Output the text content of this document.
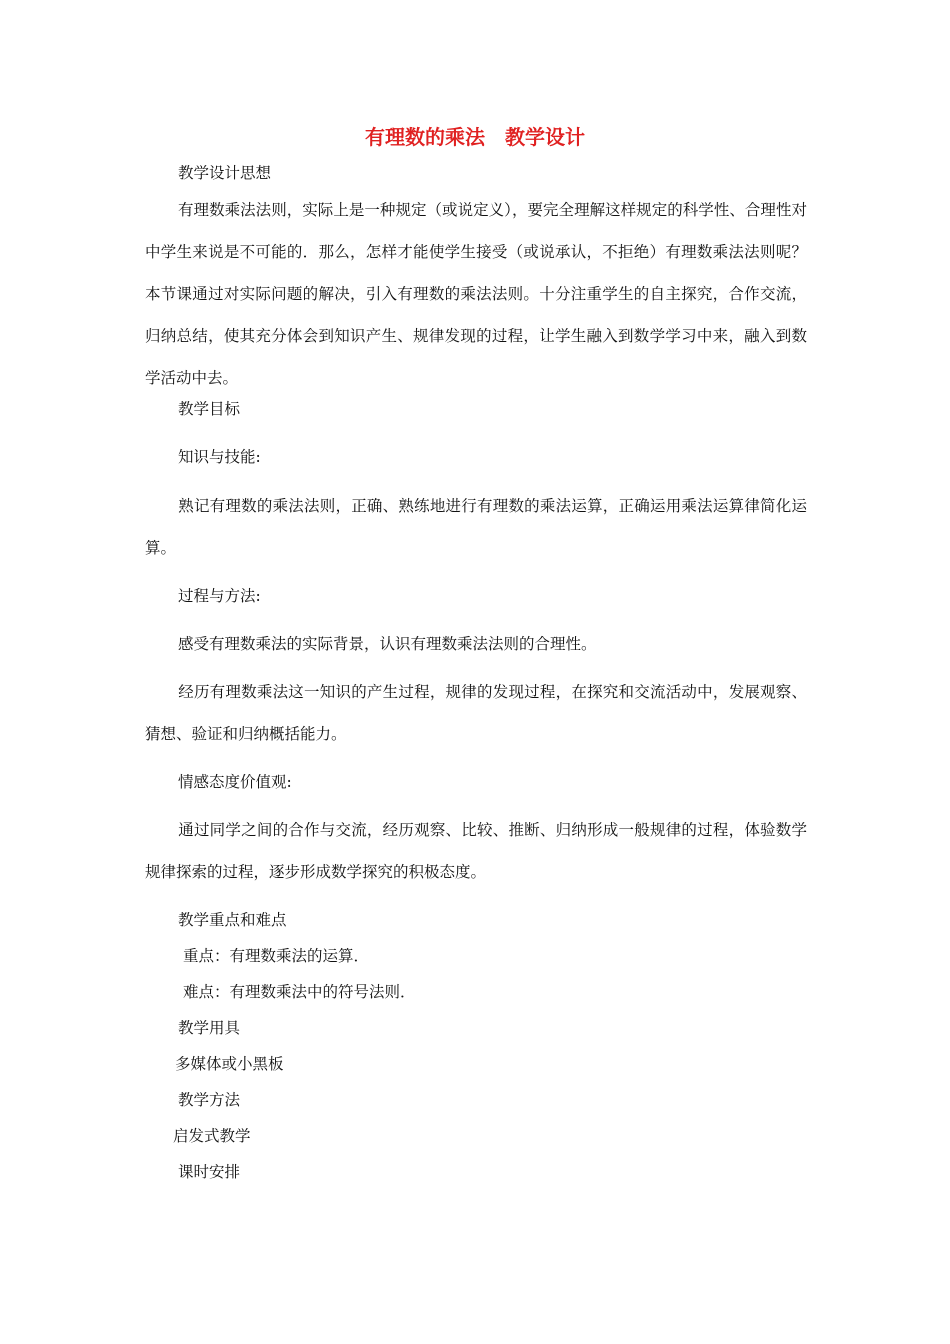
有理数的乘法　教学设计
教学设计思想
有理数乘法法则，实际上是一种规定（或说定义），要完全理解这样规定的科学性、合理性对中学生来说是不可能的．那么，怎样才能使学生接受（或说承认，不拒绝）有理数乘法法则呢？本节课通过对实际问题的解决，引入有理数的乘法法则。十分注重学生的自主探究，合作交流，归纳总结，使其充分体会到知识产生、规律发现的过程，让学生融入到数学学习中来，融入到数学活动中去。
教学目标
知识与技能:
熟记有理数的乘法法则，正确、熟练地进行有理数的乘法运算，正确运用乘法运算律简化运算。
过程与方法:
感受有理数乘法的实际背景，认识有理数乘法法则的合理性。
经历有理数乘法这一知识的产生过程，规律的发现过程，在探究和交流活动中，发展观察、猜想、验证和归纳概括能力。
情感态度价值观:
通过同学之间的合作与交流，经历观察、比较、推断、归纳形成一般规律的过程，体验数学规律探索的过程，逐步形成数学探究的积极态度。
教学重点和难点
重点：有理数乘法的运算．
难点：有理数乘法中的符号法则．
教学用具
多媒体或小黑板
教学方法
启发式教学
课时安排
